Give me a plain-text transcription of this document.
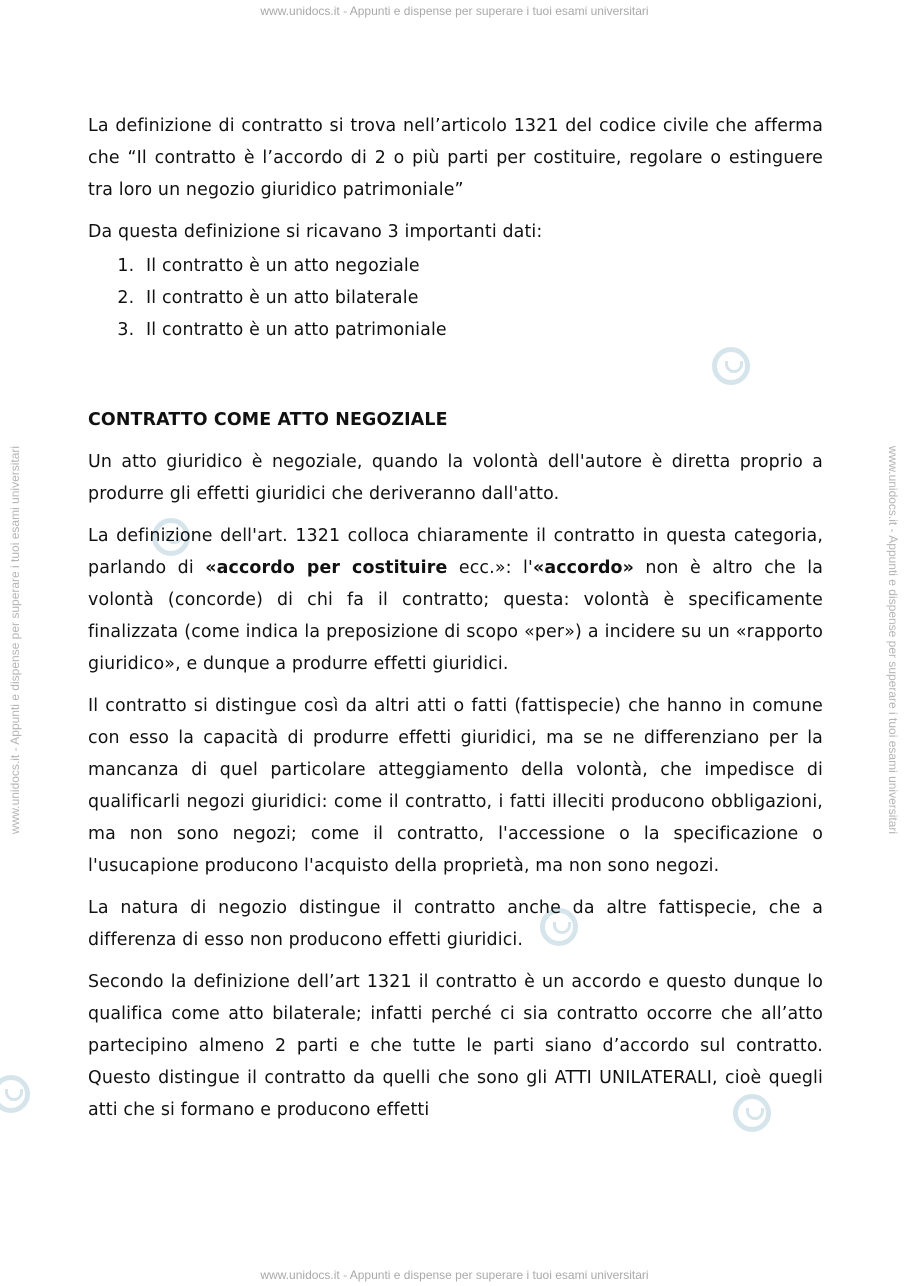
www.unidocs.it - Appunti e dispense per superare i tuoi esami universitari
www.unidocs.it - Appunti e dispense per superare i tuoi esami universitari	www.unidocs.it - Appunti e dispense per superare i tuoi esami universitari

La definizione di contratto si trova nell’articolo 1321 del codice civile che afferma che “Il contratto è l’accordo di 2 o più parti per costituire, regolare o estinguere tra loro un negozio giuridico patrimoniale”

Da questa definizione si ricavano 3 importanti dati:

1. Il contratto è un atto negoziale
2. Il contratto è un atto bilaterale
3. Il contratto è un atto patrimoniale
CONTRATTO COME ATTO NEGOZIALE

Un atto giuridico è negoziale, quando la volontà dell'autore è diretta proprio a produrre gli effetti giuridici che deriveranno dall'atto.

La definizione dell'art. 1321 colloca chiaramente il contratto in questa categoria, parlando di «accordo per costituire ecc.»: l'«accordo» non è altro che la volontà (concorde) di chi fa il contratto; questa: volontà è specificamente finalizzata (come indica la preposizione di scopo «per») a incidere su un «rapporto giuridico», e dunque a produrre effetti giuridici.

Il contratto si distingue così da altri atti o fatti (fattispecie) che hanno in comune con esso la capacità di produrre effetti giuridici, ma se ne differenziano per la mancanza di quel particolare atteggiamento della volontà, che impedisce di qualificarli negozi giuridici: come il contratto, i fatti illeciti producono obbligazioni, ma non sono negozi; come il contratto, l'accessione o la specificazione o l'usucapione producono l'acquisto della proprietà, ma non sono negozi.

La natura di negozio distingue il contratto anche da altre fattispecie, che a differenza di esso non producono effetti giuridici.

Secondo la definizione dell’art 1321 il contratto è un accordo e questo dunque lo qualifica come atto bilaterale; infatti perché ci sia contratto occorre che all’atto partecipino almeno 2 parti e che tutte le parti siano d’accordo sul contratto. Questo distingue il contratto da quelli che sono gli ATTI UNILATERALI, cioè quegli atti che si formano e producono effetti

www.unidocs.it - Appunti e dispense per superare i tuoi esami universitari
